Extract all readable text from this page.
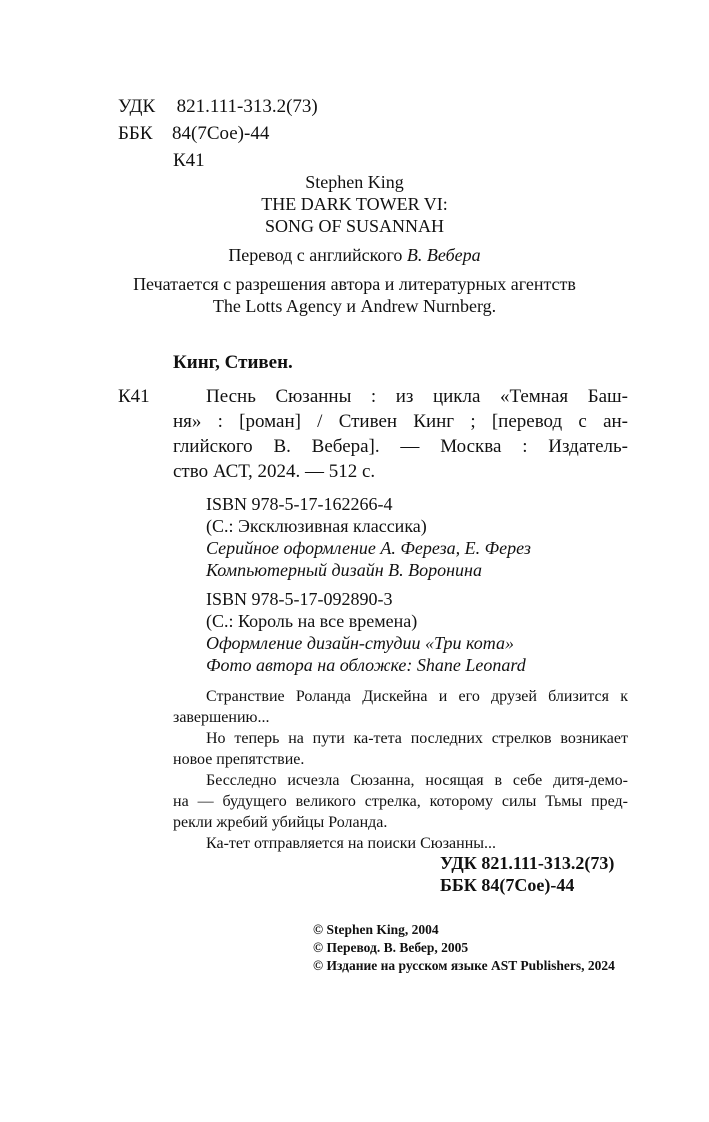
УДК 821.111-313.2(73)
ББК 84(7Сое)-44
К41
Stephen King
THE DARK TOWER VI:
SONG OF SUSANNAH
Перевод с английского В. Вебера
Печатается с разрешения автора и литературных агентств
The Lotts Agency и Andrew Nurnberg.
Кинг, Стивен.
К41	Песнь Сюзанны : из цикла «Темная Баш-
ня» : [роман] / Стивен Кинг ; [перевод с ан-
глийского В. Вебера]. — Москва : Издатель-
ство АСТ, 2024. — 512 с.
ISBN 978-5-17-162266-4
(С.: Эксклюзивная классика)
Серийное оформление А. Фереза, Е. Ферез
Компьютерный дизайн В. Воронина
ISBN 978-5-17-092890-3
(С.: Король на все времена)
Оформление дизайн-студии «Три кота»
Фото автора на обложке: Shane Leonard
Странствие Роланда Дискейна и его друзей близится к
завершению...
Но теперь на пути ка-тета последних стрелков возникает
новое препятствие.
Бесследно исчезла Сюзанна, носящая в себе дитя-демо-
на — будущего великого стрелка, которому силы Тьмы пред-
рекли жребий убийцы Роланда.
Ка-тет отправляется на поиски Сюзанны...
УДК 821.111-313.2(73)
ББК 84(7Сое)-44
© Stephen King, 2004
© Перевод. В. Вебер, 2005
© Издание на русском языке AST Publishers, 2024
